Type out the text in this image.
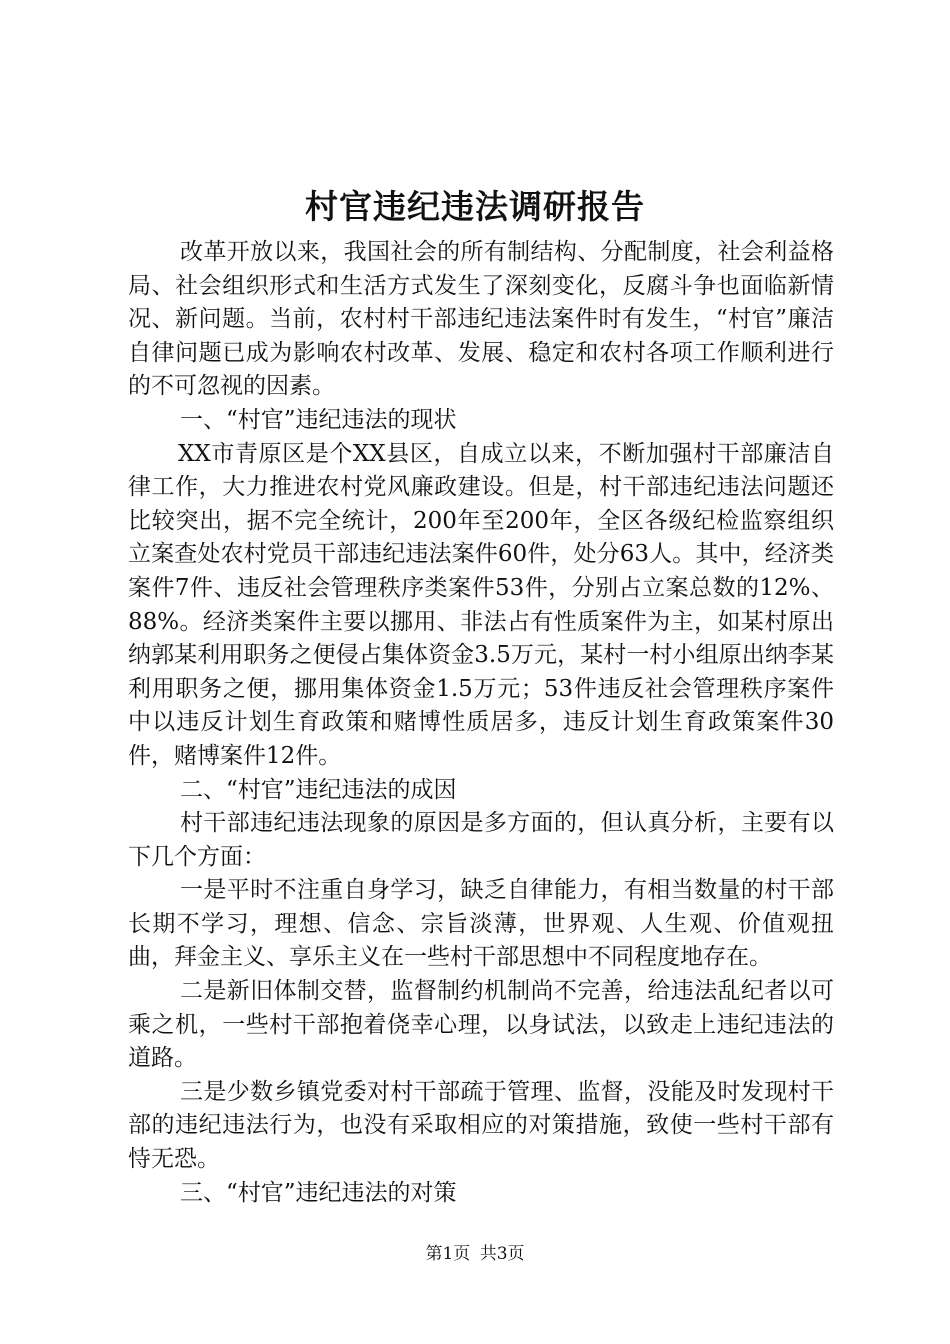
村官违纪违法调研报告

改革开放以来，我国社会的所有制结构、分配制度，社会利益格局、社会组织形式和生活方式发生了深刻变化，反腐斗争也面临新情况、新问题。当前，农村村干部违纪违法案件时有发生，“村官”廉洁自律问题已成为影响农村改革、发展、稳定和农村各项工作顺利进行的不可忽视的因素。

一、“村官”违纪违法的现状

XX市青原区是个XX县区，自成立以来，不断加强村干部廉洁自律工作，大力推进农村党风廉政建设。但是，村干部违纪违法问题还比较突出，据不完全统计，200年至200年，全区各级纪检监察组织立案查处农村党员干部违纪违法案件60件，处分63人。其中，经济类案件7件、违反社会管理秩序类案件53件，分别占立案总数的12%、88%。经济类案件主要以挪用、非法占有性质案件为主，如某村原出纳郭某利用职务之便侵占集体资金3.5万元，某村一村小组原出纳李某利用职务之便，挪用集体资金1.5万元；53件违反社会管理秩序案件中以违反计划生育政策和赌博性质居多，违反计划生育政策案件30件，赌博案件12件。

二、“村官”违纪违法的成因

村干部违纪违法现象的原因是多方面的，但认真分析，主要有以下几个方面：

一是平时不注重自身学习，缺乏自律能力，有相当数量的村干部长期不学习，理想、信念、宗旨淡薄，世界观、人生观、价值观扭曲，拜金主义、享乐主义在一些村干部思想中不同程度地存在。

二是新旧体制交替，监督制约机制尚不完善，给违法乱纪者以可乘之机，一些村干部抱着侥幸心理，以身试法，以致走上违纪违法的道路。

三是少数乡镇党委对村干部疏于管理、监督，没能及时发现村干部的违纪违法行为，也没有采取相应的对策措施，致使一些村干部有恃无恐。

三、“村官”违纪违法的对策

第1页 共3页
